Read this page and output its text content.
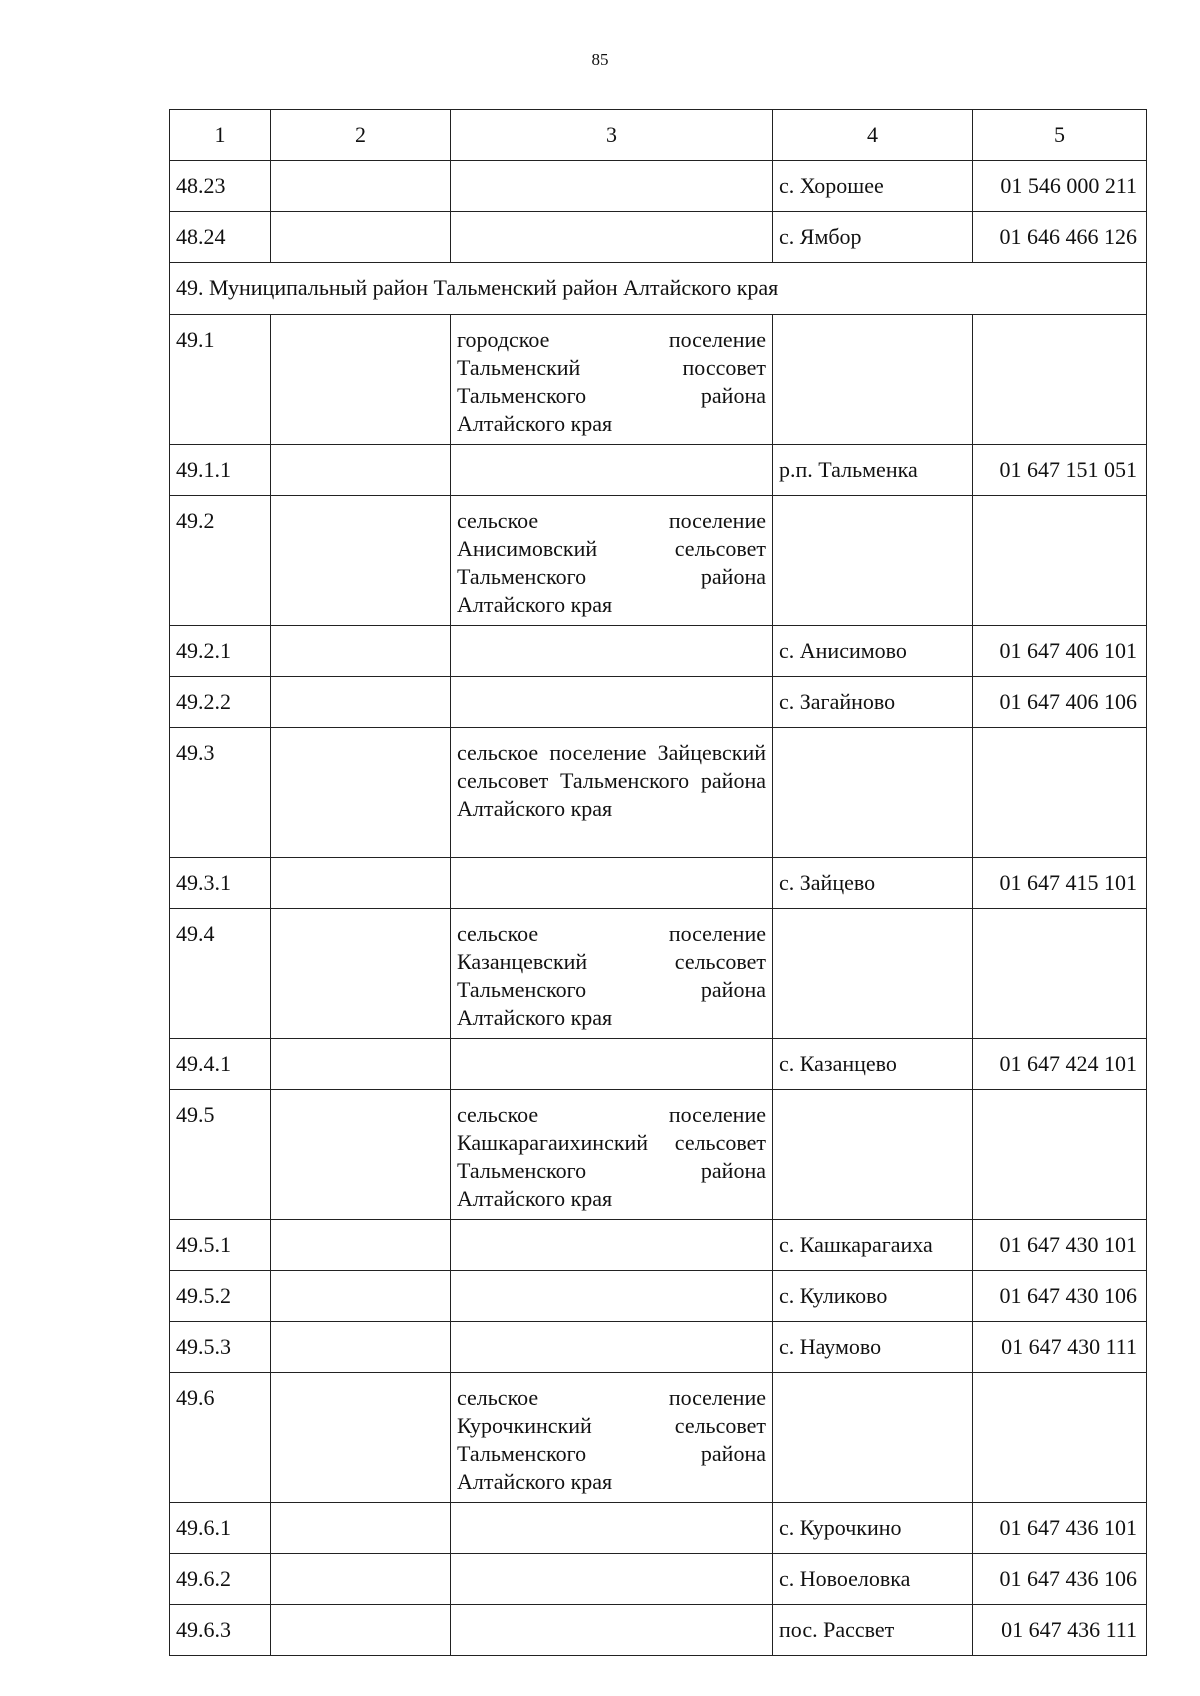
85
1	2	3	4	5
48.23			с. Хорошее	01 546 000 211
48.24			с. Ямбор	01 646 466 126
49. Муниципальный район Тальменский район Алтайского края				
49.1		городское поселение Тальменский поссовет Тальменского района Алтайского края		
49.1.1			р.п. Тальменка	01 647 151 051
49.2		сельское поселение Анисимовский сельсовет Тальменского района Алтайского края		
49.2.1			с. Анисимово	01 647 406 101
49.2.2			с. Загайново	01 647 406 106
49.3		сельское поселение Зайцевский сельсовет Тальменского района Алтайского края		
49.3.1			с. Зайцево	01 647 415 101
49.4		сельское поселение Казанцевский сельсовет Тальменского района Алтайского края		
49.4.1			с. Казанцево	01 647 424 101
49.5		сельское поселение Кашкарагаихинский сельсовет Тальменского района Алтайского края		
49.5.1			с. Кашкарагаиха	01 647 430 101
49.5.2			с. Куликово	01 647 430 106
49.5.3			с. Наумово	01 647 430 111
49.6		сельское поселение Курочкинский сельсовет Тальменского района Алтайского края		
49.6.1			с. Курочкино	01 647 436 101
49.6.2			с. Новоеловка	01 647 436 106
49.6.3			пос. Рассвет	01 647 436 111
